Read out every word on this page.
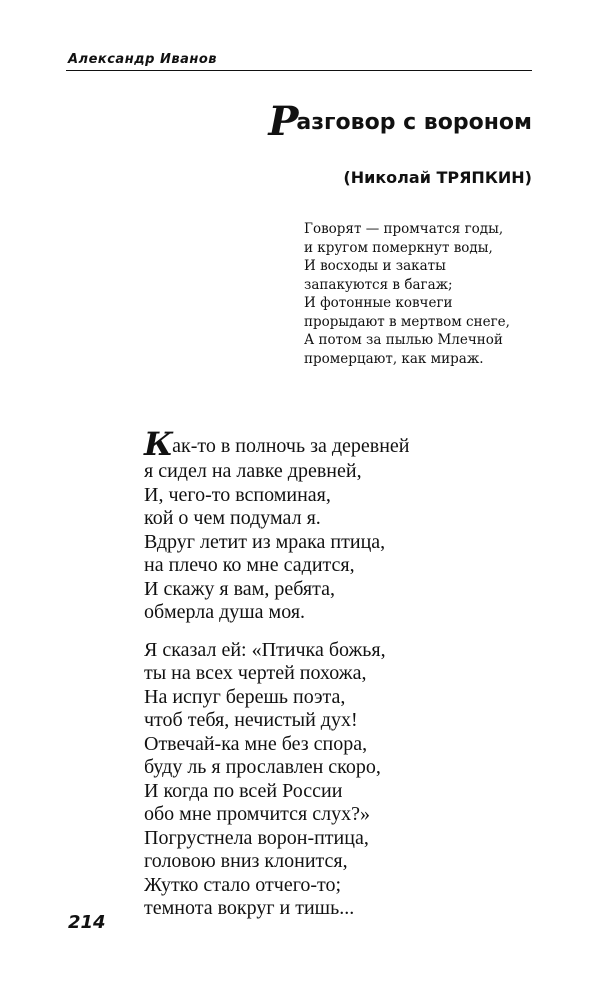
Александр Иванов
Разговор с вороном
(Николай ТРЯПКИН)
Говорят — промчатся годы,
и кругом померкнут воды,
И восходы и закаты
запакуются в багаж;
И фотонные ковчеги
прорыдают в мертвом снеге,
А потом за пылью Млечной
промерцают, как мираж.
Как-то в полночь за деревней
я сидел на лавке древней,
И, чего-то вспоминая,
кой о чем подумал я.
Вдруг летит из мрака птица,
на плечо ко мне садится,
И скажу я вам, ребята,
обмерла душа моя.
Я сказал ей: «Птичка божья,
ты на всех чертей похожа,
На испуг берешь поэта,
чтоб тебя, нечистый дух!
Отвечай-ка мне без спора,
буду ль я прославлен скоро,
И когда по всей России
обо мне промчится слух?»
Погрустнела ворон-птица,
головою вниз клонится,
Жутко стало отчего-то;
темнота вокруг и тишь...
214
